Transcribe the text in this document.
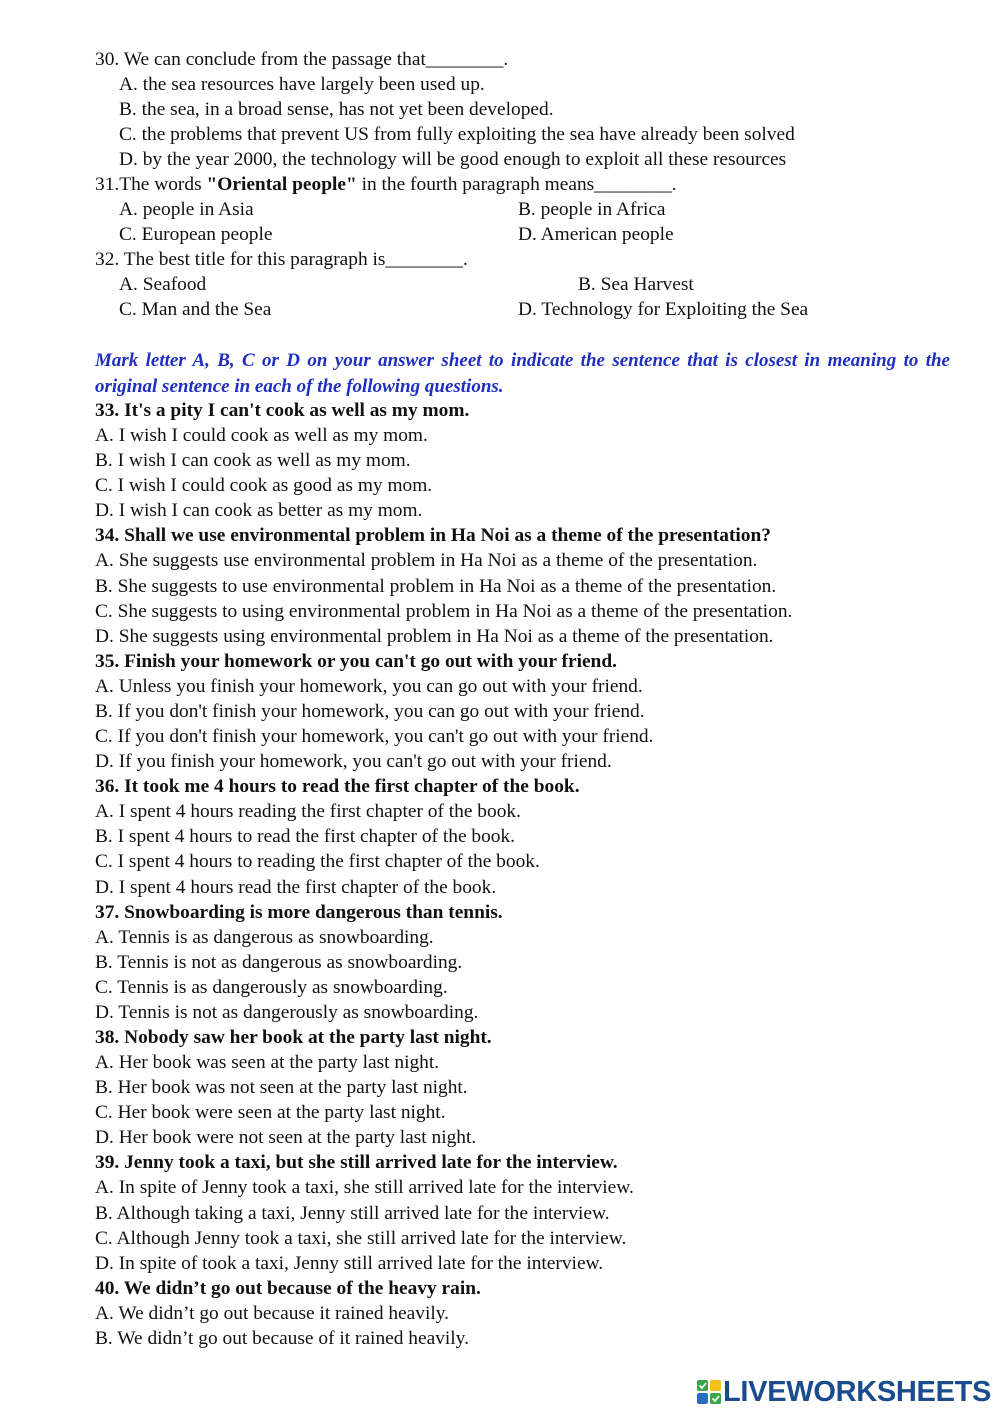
30. We can conclude from the passage that________.
A. the sea resources have largely been used up.
B. the sea, in a broad sense, has not yet been developed.
C. the problems that prevent US from fully exploiting the sea have already been solved
D. by the year 2000, the technology will be good enough to exploit all these resources
31.The words "Oriental people" in the fourth paragraph means________.
A. people in Asia	B. people in Africa
C. European people	D. American people
32. The best title for this paragraph is________.
A. Seafood	B. Sea Harvest
C. Man and the Sea	D. Technology for Exploiting the Sea
Mark letter A, B, C or D on your answer sheet to indicate the sentence that is closest in meaning to the original sentence in each of the following questions.
33. It's a pity I can't cook as well as my mom.
A. I wish I could cook as well as my mom.
B. I wish I can cook as well as my mom.
C. I wish I could cook as good as my mom.
D. I wish I can cook as better as my mom.
34. Shall we use environmental problem in Ha Noi as a theme of the presentation?
A. She suggests use environmental problem in Ha Noi as a theme of the presentation.
B. She suggests to use environmental problem in Ha Noi as a theme of the presentation.
C. She suggests to using environmental problem in Ha Noi as a theme of the presentation.
D. She suggests using environmental problem in Ha Noi as a theme of the presentation.
35. Finish your homework or you can't go out with your friend.
A. Unless you finish your homework, you can go out with your friend.
B. If you don't finish your homework, you can go out with your friend.
C. If you don't finish your homework, you can't go out with your friend.
D. If you finish your homework, you can't go out with your friend.
36. It took me 4 hours to read the first chapter of the book.
A. I spent 4 hours reading the first chapter of the book.
B. I spent 4 hours to read the first chapter of the book.
C. I spent 4 hours to reading the first chapter of the book.
D. I spent 4 hours read the first chapter of the book.
37. Snowboarding is more dangerous than tennis.
A. Tennis is as dangerous as snowboarding.
B. Tennis is not as dangerous as snowboarding.
C. Tennis is as dangerously as snowboarding.
D. Tennis is not as dangerously as snowboarding.
38. Nobody saw her book at the party last night.
A. Her book was seen at the party last night.
B. Her book was not seen at the party last night.
C. Her book were seen at the party last night.
D. Her book were not seen at the party last night.
39. Jenny took a taxi, but she still arrived late for the interview.
A. In spite of Jenny took a taxi, she still arrived late for the interview.
B. Although taking a taxi, Jenny still arrived late for the interview.
C. Although Jenny took a taxi, she still arrived late for the interview.
D. In spite of took a taxi, Jenny still arrived late for the interview.
40. We didn’t go out because of the heavy rain.
A. We didn’t go out because it rained heavily.
B. We didn’t go out because of it rained heavily.
LIVEWORKSHEETS
